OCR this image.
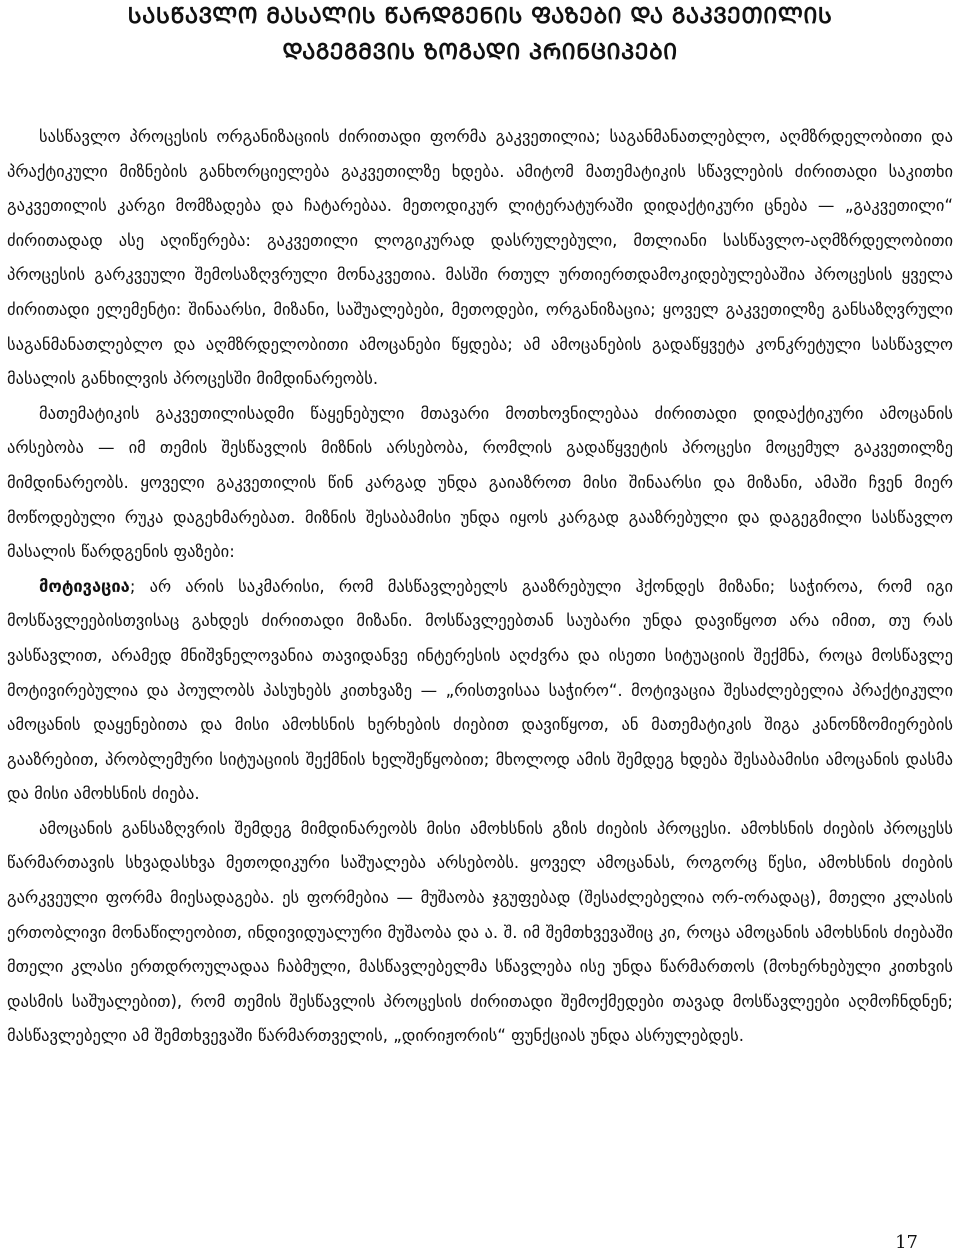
ᲡᲐᲡᲬᲐᲕᲚᲝ ᲛᲐᲡᲐᲚᲘᲡ ᲬᲐᲠᲓᲒᲔᲜᲘᲡ ᲤᲐᲖᲔᲑᲘ ᲓᲐ ᲒᲐᲙᲕᲔᲗᲘᲚᲘᲡ
ᲓᲐᲒᲔᲒᲛᲕᲘᲡ ᲖᲝᲒᲐᲓᲘ ᲞᲠᲘᲜᲪᲘᲞᲔᲑᲘ

სასწავლო პროცესის ორგანიზაციის ძირითადი ფორმა გაკვეთილია; საგანმანათლებლო, აღმზრდელობითი და პრაქტიკული მიზნების განხორციელება გაკვეთილზე ხდება. ამიტომ მათემატიკის სწავლების ძირითადი საკითხი გაკვეთილის კარგი მომზადება და ჩატარებაა. მეთოდიკურ ლიტერატურაში დიდაქტიკური ცნება — „გაკვეთილი“ ძირითადად ასე აღიწერება: გაკვეთილი ლოგიკურად დასრულებული, მთლიანი სასწავლო-აღმზრდელობითი პროცესის გარკვეული შემოსაზღვრული მონაკვეთია. მასში რთულ ურთიერთდამოკიდებულებაშია პროცესის ყველა ძირითადი ელემენტი: შინაარსი, მიზანი, საშუალებები, მეთოდები, ორგანიზაცია; ყოველ გაკვეთილზე განსაზღვრული საგანმანათლებლო და აღმზრდელობითი ამოცანები წყდება; ამ ამოცანების გადაწყვეტა კონკრეტული სასწავლო მასალის განხილვის პროცესში მიმდინარეობს.

მათემატიკის გაკვეთილისადმი წაყენებული მთავარი მოთხოვნილებაა ძირითადი დიდაქტიკური ამოცანის არსებობა — იმ თემის შესწავლის მიზნის არსებობა, რომლის გადაწყვეტის პროცესი მოცემულ გაკვეთილზე მიმდინარეობს. ყოველი გაკვეთილის წინ კარგად უნდა გაიაზროთ მისი შინაარსი და მიზანი, ამაში ჩვენ მიერ მოწოდებული რუკა დაგეხმარებათ. მიზნის შესაბამისი უნდა იყოს კარგად გააზრებული და დაგეგმილი სასწავლო მასალის წარდგენის ფაზები:

მოტივაცია; არ არის საკმარისი, რომ მასწავლებელს გააზრებული ჰქონდეს მიზანი; საჭიროა, რომ იგი მოსწავლეებისთვისაც გახდეს ძირითადი მიზანი. მოსწავლეებთან საუბარი უნდა დავიწყოთ არა იმით, თუ რას ვასწავლით, არამედ მნიშვნელოვანია თავიდანვე ინტერესის აღძვრა და ისეთი სიტუაციის შექმნა, როცა მოსწავლე მოტივირებულია და პოულობს პასუხებს კითხვაზე — „რისთვისაა საჭირო“. მოტივაცია შესაძლებელია პრაქტიკული ამოცანის დაყენებითა და მისი ამოხსნის ხერხების ძიებით დავიწყოთ, ან მათემატიკის შიგა კანონზომიერების გააზრებით, პრობლემური სიტუაციის შექმნის ხელშეწყობით; მხოლოდ ამის შემდეგ ხდება შესაბამისი ამოცანის დასმა და მისი ამოხსნის ძიება.

ამოცანის განსაზღვრის შემდეგ მიმდინარეობს მისი ამოხსნის გზის ძიების პროცესი. ამოხსნის ძიების პროცესს წარმართავის სხვადასხვა მეთოდიკური საშუალება არსებობს. ყოველ ამოცანას, როგორც წესი, ამოხსნის ძიების გარკვეული ფორმა მიესადაგება. ეს ფორმებია — მუშაობა ჯგუფებად (შესაძლებელია ორ-ორადაც), მთელი კლასის ერთობლივი მონაწილეობით, ინდივიდუალური მუშაობა და ა. შ. იმ შემთხვევაშიც კი, როცა ამოცანის ამოხსნის ძიებაში მთელი კლასი ერთდროულადაა ჩაბმული, მასწავლებელმა სწავლება ისე უნდა წარმართოს (მოხერხებული კითხვის დასმის საშუალებით), რომ თემის შესწავლის პროცესის ძირითადი შემოქმედები თავად მოსწავლეები აღმოჩნდნენ; მასწავლებელი ამ შემთხვევაში წარმართველის, „დირიჟორის“ ფუნქციას უნდა ასრულებდეს.

17
